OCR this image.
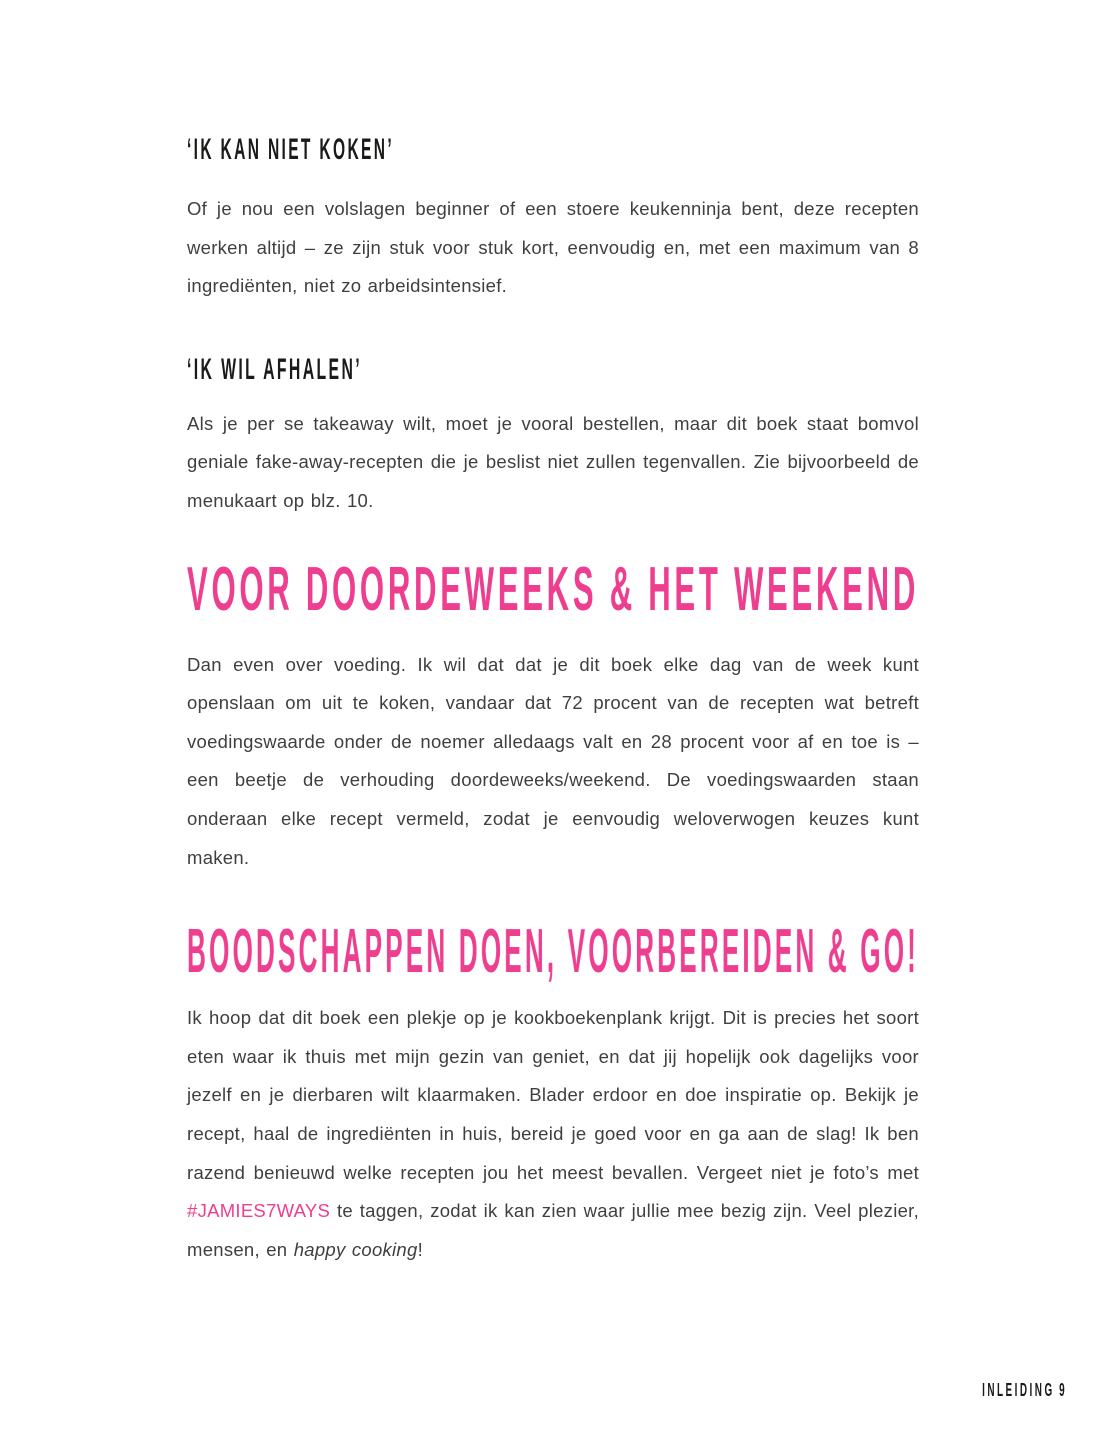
‘IK KAN NIET KOKEN’

Of je nou een volslagen beginner of een stoere keukenninja bent, deze recepten werken altijd – ze zijn stuk voor stuk kort, eenvoudig en, met een maximum van 8 ingrediënten, niet zo arbeidsintensief.

‘IK WIL AFHALEN’

Als je per se takeaway wilt, moet je vooral bestellen, maar dit boek staat bomvol geniale fake-away-recepten die je beslist niet zullen tegenvallen. Zie bijvoorbeeld de menukaart op blz. 10.

VOOR DOORDEWEEKS & HET WEEKEND

Dan even over voeding. Ik wil dat dat je dit boek elke dag van de week kunt openslaan om uit te koken, vandaar dat 72 procent van de recepten wat betreft voedingswaarde onder de noemer alledaags valt en 28 procent voor af en toe is – een beetje de verhouding doordeweeks/weekend. De voedingswaarden staan onderaan elke recept vermeld, zodat je eenvoudig weloverwogen keuzes kunt maken.

BOODSCHAPPEN DOEN, VOORBEREIDEN & GO!

Ik hoop dat dit boek een plekje op je kookboekenplank krijgt. Dit is precies het soort eten waar ik thuis met mijn gezin van geniet, en dat jij hopelijk ook dagelijks voor jezelf en je dierbaren wilt klaarmaken. Blader erdoor en doe inspiratie op. Bekijk je recept, haal de ingrediënten in huis, bereid je goed voor en ga aan de slag! Ik ben razend benieuwd welke recepten jou het meest bevallen. Vergeet niet je foto’s met #JAMIES7WAYS te taggen, zodat ik kan zien waar jullie mee bezig zijn. Veel plezier, mensen, en happy cooking!

INLEIDING 9
